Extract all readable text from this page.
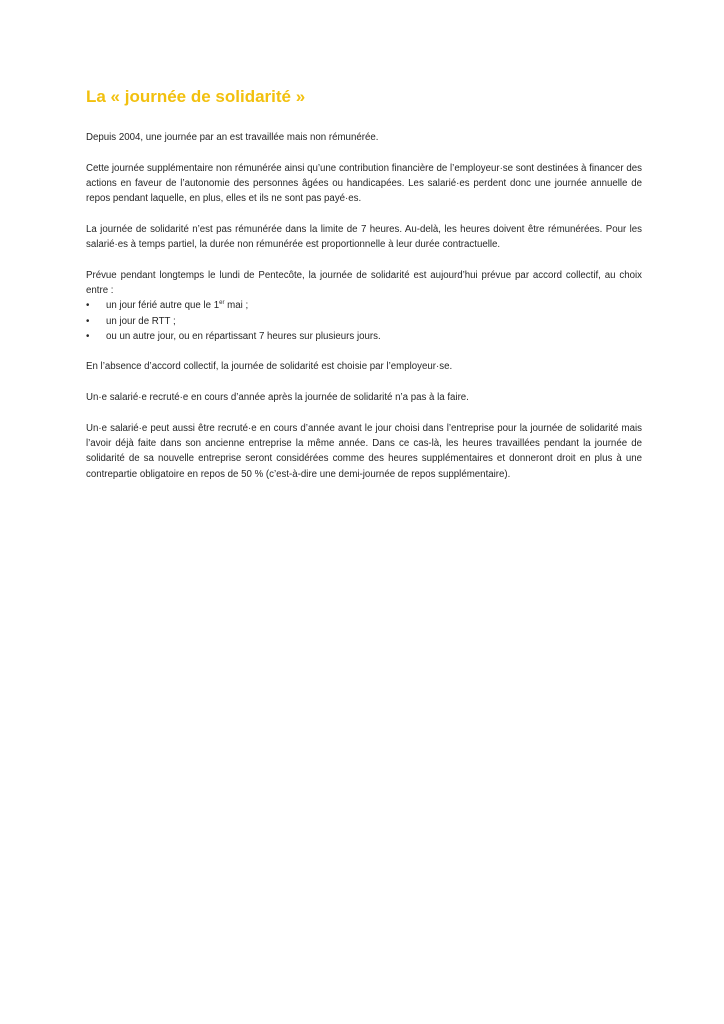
La « journée de solidarité »

Depuis 2004, une journée par an est travaillée mais non rémunérée.

Cette journée supplémentaire non rémunérée ainsi qu’une contribution financière de l’employeur·se sont destinées à financer des actions en faveur de l’autonomie des personnes âgées ou handicapées. Les salarié·es perdent donc une journée annuelle de repos pendant laquelle, en plus, elles et ils ne sont pas payé·es.

La journée de solidarité n’est pas rémunérée dans la limite de 7 heures. Au-delà, les heures doivent être rémunérées. Pour les salarié·es à temps partiel, la durée non rémunérée est proportionnelle à leur durée contractuelle.

Prévue pendant longtemps le lundi de Pentecôte, la journée de solidarité est aujourd’hui prévue par accord collectif, au choix entre :

• un jour férié autre que le 1er mai ;
• un jour de RTT ;
• ou un autre jour, ou en répartissant 7 heures sur plusieurs jours.

En l’absence d’accord collectif, la journée de solidarité est choisie par l’employeur·se.

Un·e salarié·e recruté·e en cours d’année après la journée de solidarité n’a pas à la faire.

Un·e salarié·e peut aussi être recruté·e en cours d’année avant le jour choisi dans l’entreprise pour la journée de solidarité mais l’avoir déjà faite dans son ancienne entreprise la même année. Dans ce cas-là, les heures travaillées pendant la journée de solidarité de sa nouvelle entreprise seront considérées comme des heures supplémentaires et donneront droit en plus à une contrepartie obligatoire en repos de 50 % (c’est-à-dire une demi-journée de repos supplémentaire).
